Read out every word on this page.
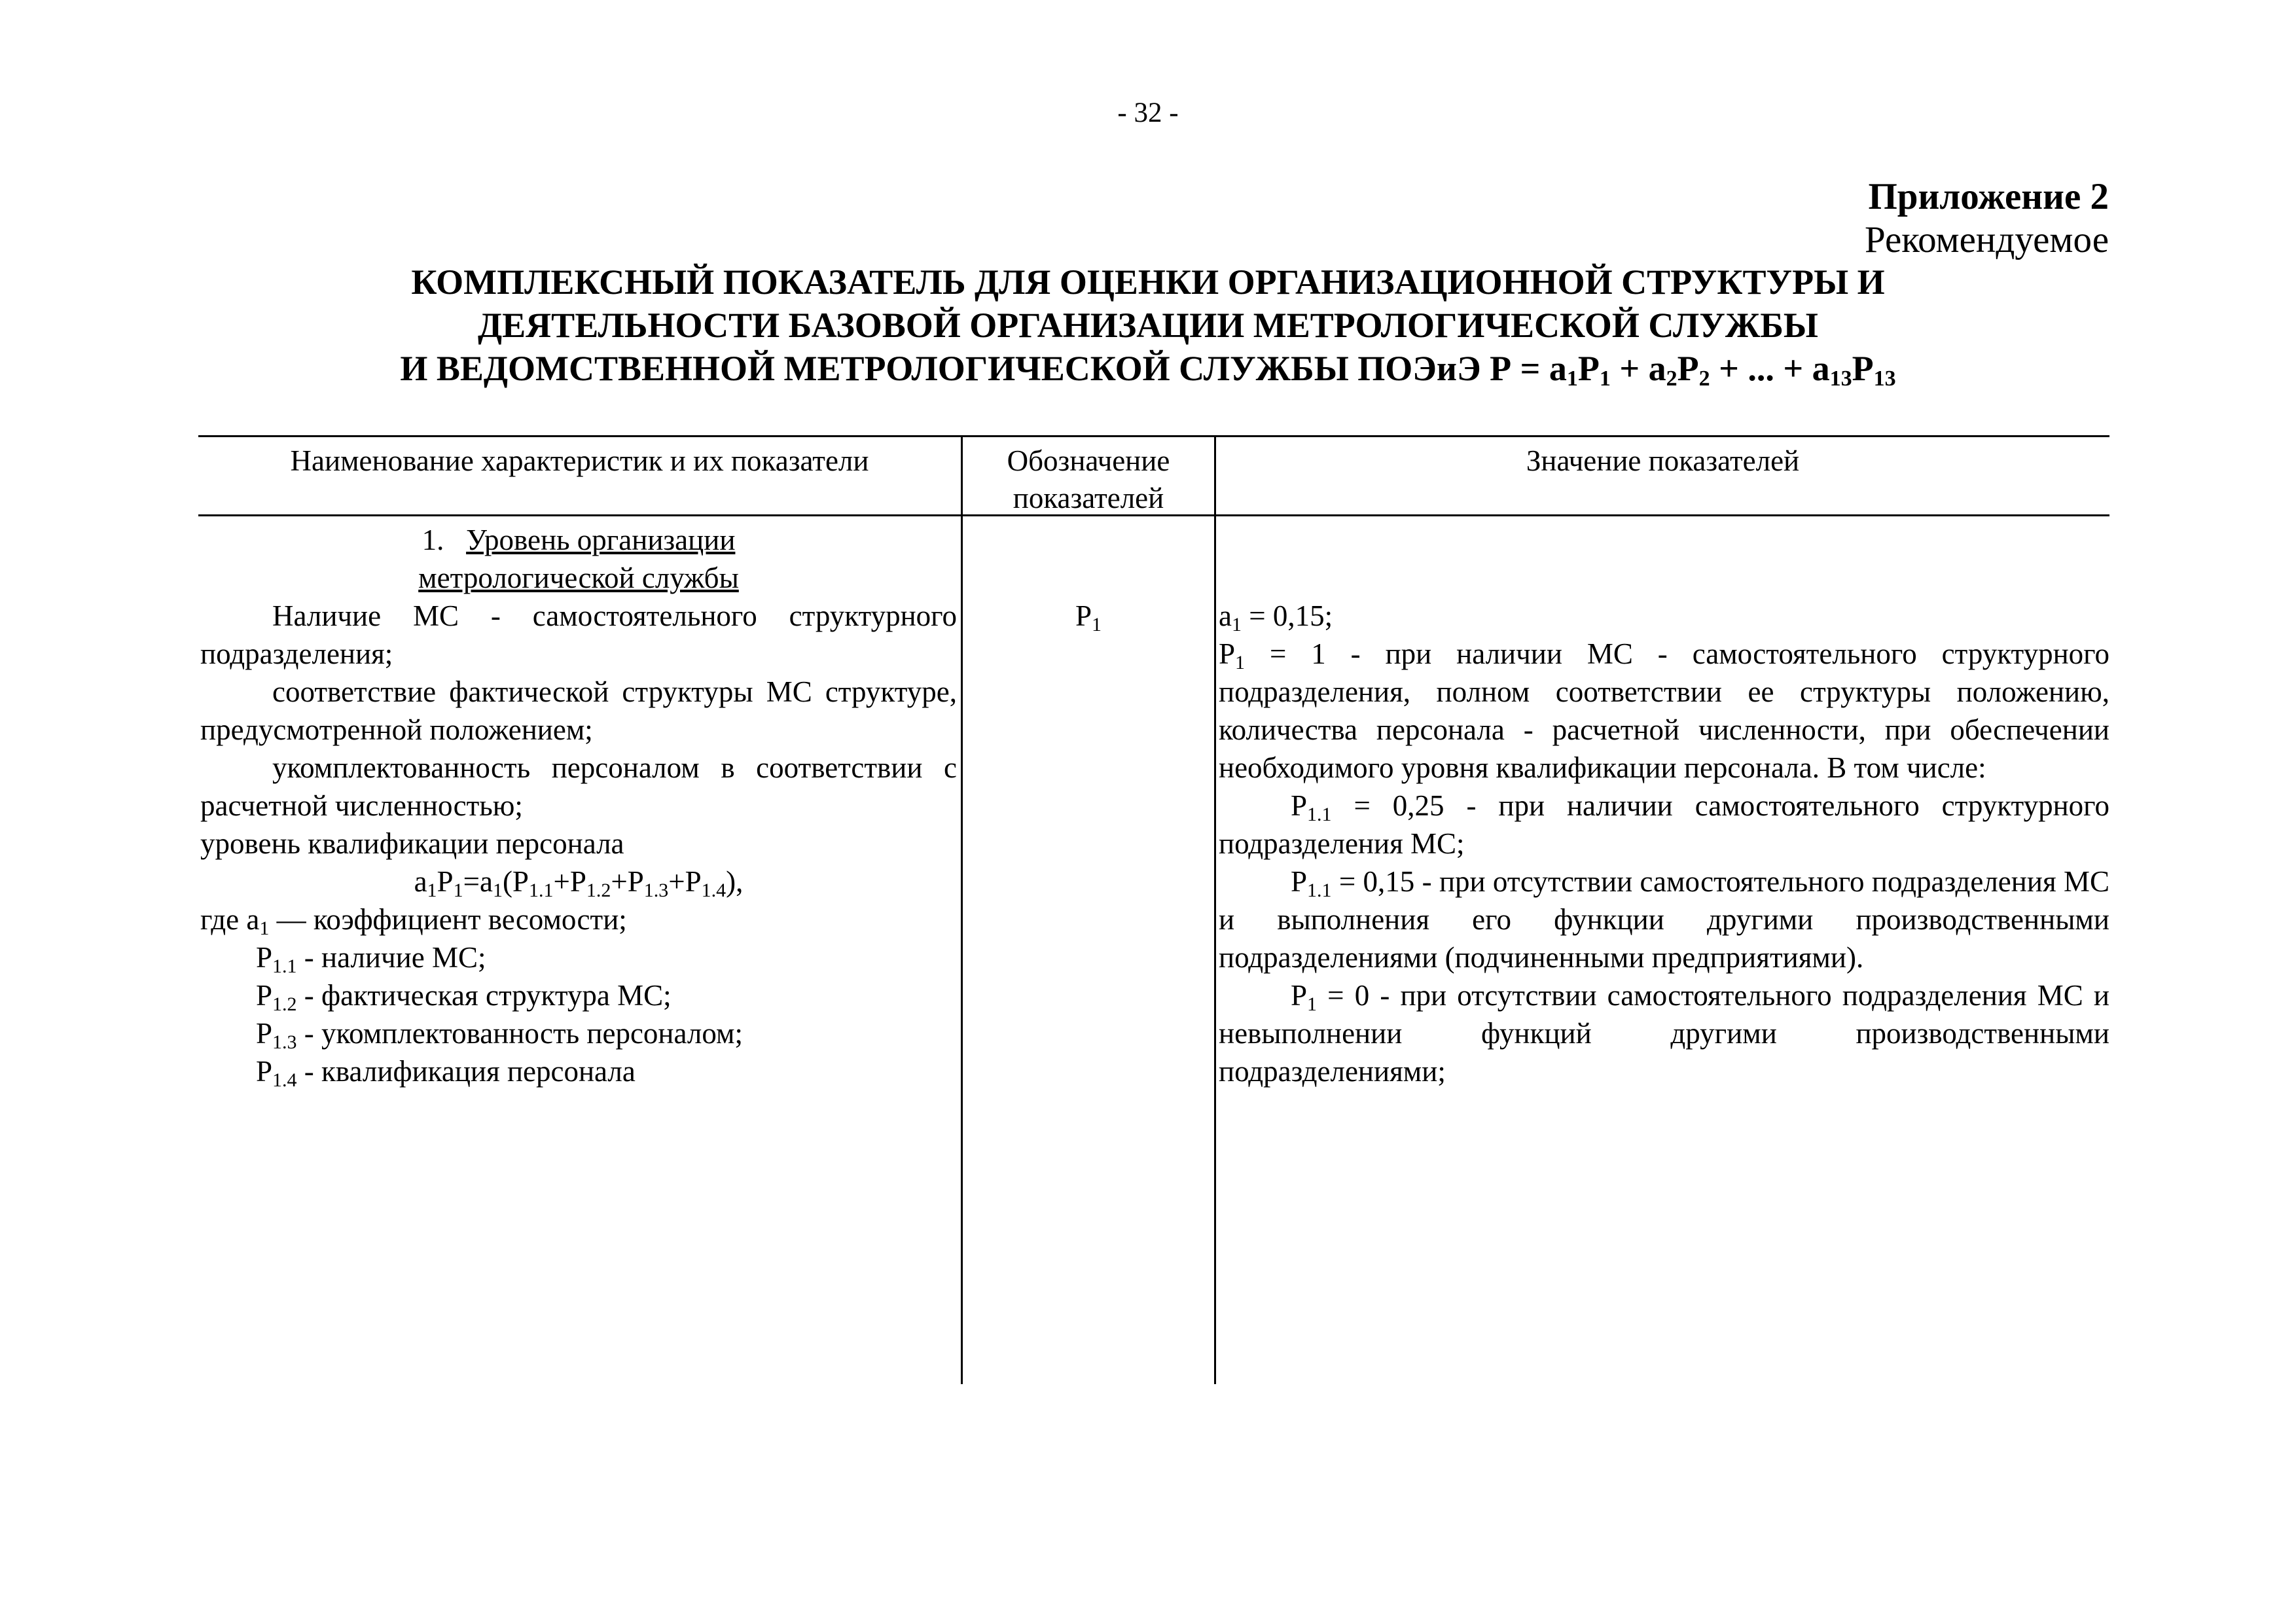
- 32 -
Приложение 2
Рекомендуемое
КОМПЛЕКСНЫЙ ПОКАЗАТЕЛЬ ДЛЯ ОЦЕНКИ ОРГАНИЗАЦИОННОЙ СТРУКТУРЫ И
ДЕЯТЕЛЬНОСТИ БАЗОВОЙ ОРГАНИЗАЦИИ МЕТРОЛОГИЧЕСКОЙ СЛУЖБЫ
И ВЕДОМСТВЕННОЙ МЕТРОЛОГИЧЕСКОЙ СЛУЖБЫ ПОЭиЭ $Р = а_1Р_1 + а_2Р_2$ + ... + $а_{13}Р_{13}$
Наименование характеристик и их показатели	Обозначение
показателей
Значение показателей

1. Уровень организации

метрологической службы

Наличие МС - самостоятельного структурного подразделения;

соответствие фактической структуры МС структуре, предусмотренной положением;

укомплектованность персоналом в соответствии с расчетной численностью;

уровень квалификации персонала

$а_1Р_1=а_1(Р_{1.1}+Р_{1.2}+Р_{1.3}+Р_{1.4})$,

где $а_1$ — коэффициент весомости;

$Р_{1.1}$ - наличие МС;

$Р_{1.2}$ - фактическая структура МС;

$Р_{1.3}$ - укомплектованность персоналом;

$Р_{1.4}$ - квалификация персонала

$Р_1$	$а_1 = 0,15$;

$Р_1 = 1$ - при наличии МС - самостоятельного структурного подразделения, полном соответствии ее структуры положению, количества персонала - расчетной численности, при обеспечении необходимого уровня квалификации персонала. В том числе:

$Р_{1.1} = 0,25$ - при наличии самостоятельного структурного подразделения МС;

$Р_{1.1} = 0,15$ - при отсутствии самостоятельного подразделения МС и выполнения его функции другими производственными подразделениями (подчиненными предприятиями).

$Р_1 = 0$ - при отсутствии самостоятельного подразделения МС и невыполнении функций другими производственными подразделениями;
